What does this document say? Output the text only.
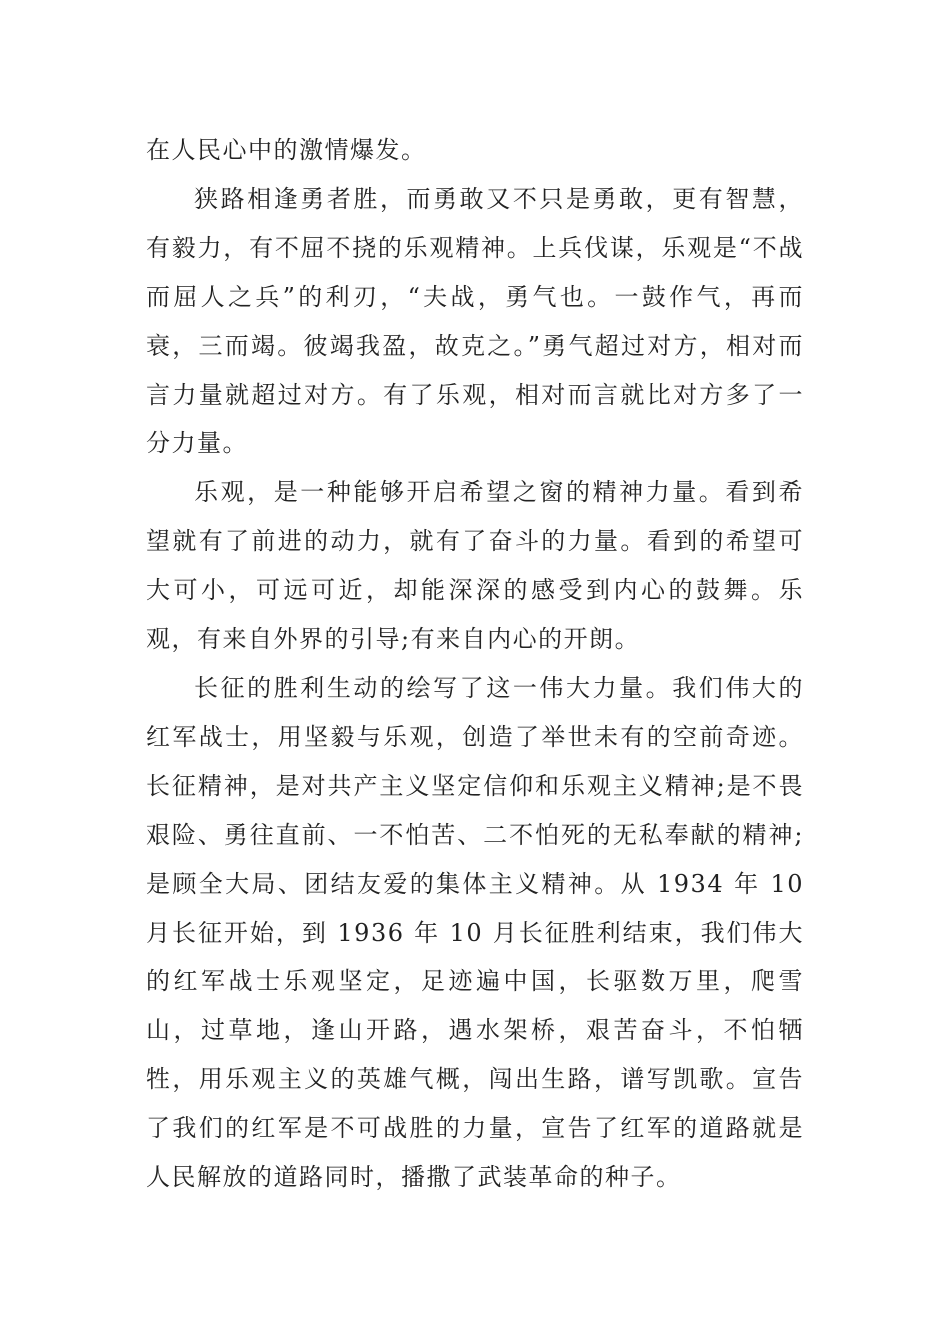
在人民心中的激情爆发。

狭路相逢勇者胜，而勇敢又不只是勇敢，更有智慧，有毅力，有不屈不挠的乐观精神。上兵伐谋，乐观是“不战而屈人之兵”的利刃，“夫战，勇气也。一鼓作气，再而衰，三而竭。彼竭我盈，故克之。”勇气超过对方，相对而言力量就超过对方。有了乐观，相对而言就比对方多了一分力量。

乐观，是一种能够开启希望之窗的精神力量。看到希望就有了前进的动力，就有了奋斗的力量。看到的希望可大可小，可远可近，却能深深的感受到内心的鼓舞。乐观，有来自外界的引导;有来自内心的开朗。

长征的胜利生动的绘写了这一伟大力量。我们伟大的红军战士，用坚毅与乐观，创造了举世未有的空前奇迹。长征精神，是对共产主义坚定信仰和乐观主义精神;是不畏艰险、勇往直前、一不怕苦、二不怕死的无私奉献的精神;是顾全大局、团结友爱的集体主义精神。从 1934 年 10 月长征开始，到 1936 年 10 月长征胜利结束，我们伟大的红军战士乐观坚定，足迹遍中国，长驱数万里，爬雪山，过草地，逢山开路，遇水架桥，艰苦奋斗，不怕牺牲，用乐观主义的英雄气概，闯出生路，谱写凯歌。宣告了我们的红军是不可战胜的力量，宣告了红军的道路就是人民解放的道路同时，播撒了武装革命的种子。
